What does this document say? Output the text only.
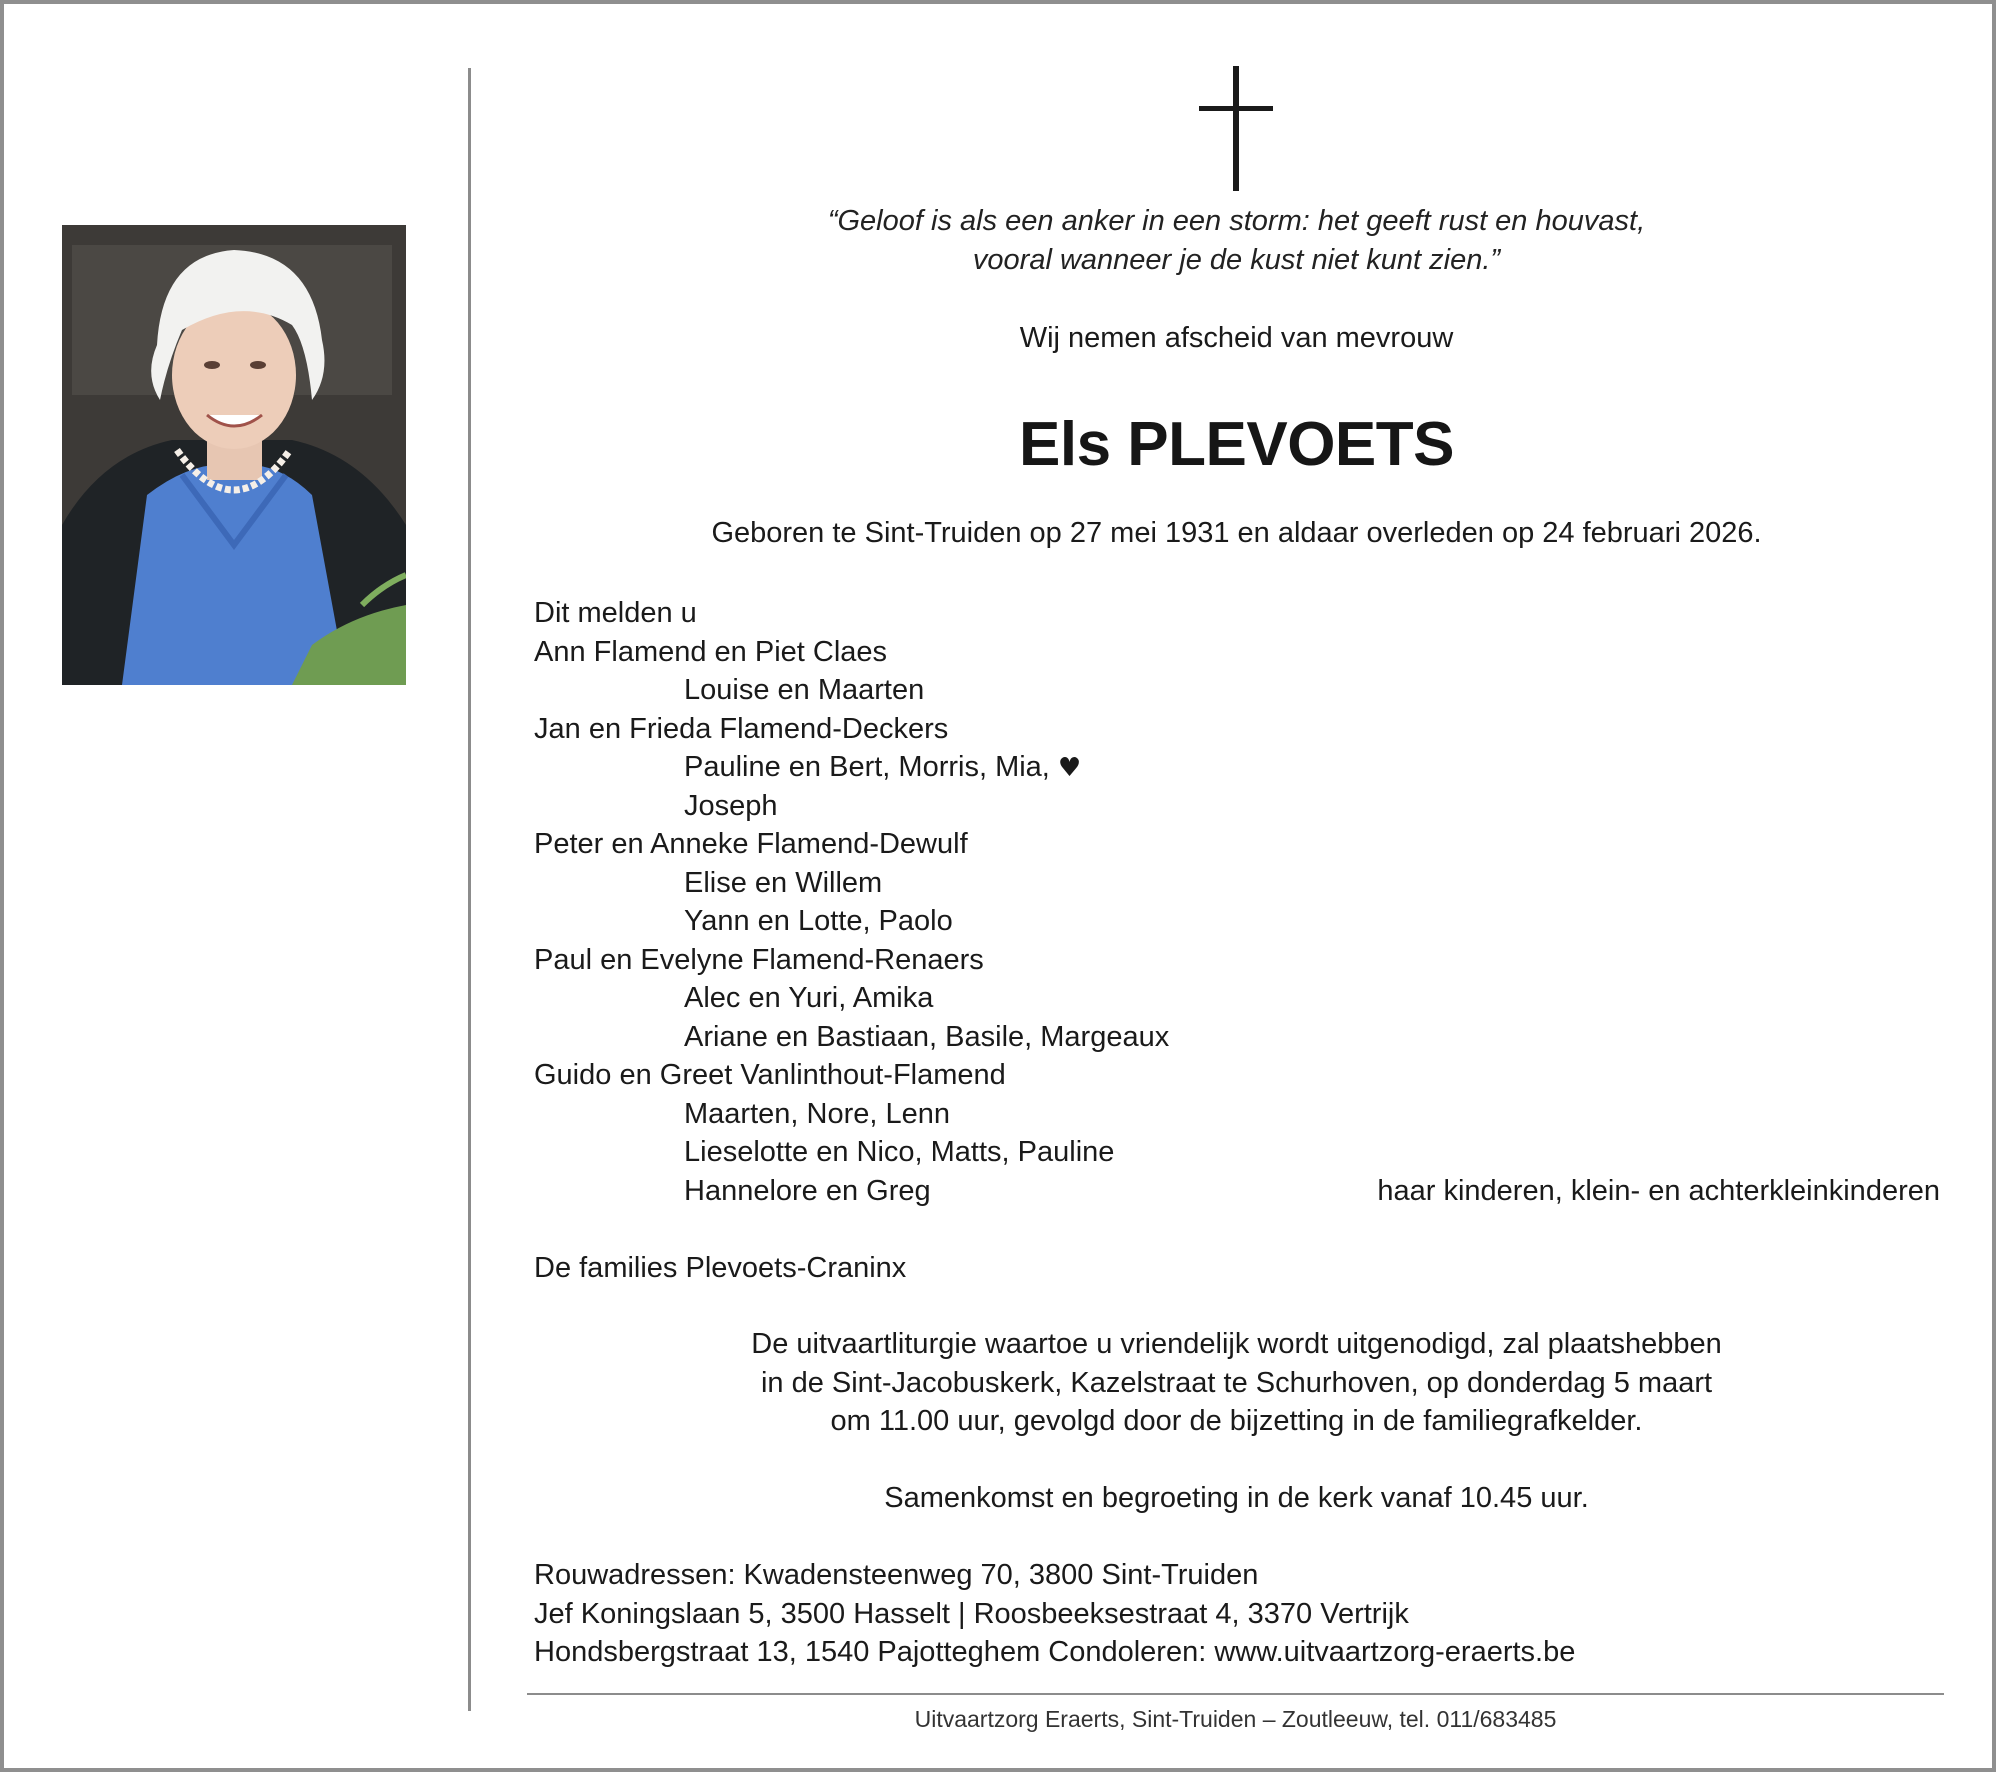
“Geloof is als een anker in een storm: het geeft rust en houvast,
vooral wanneer je de kust niet kunt zien.”
Wij nemen afscheid van mevrouw
Els PLEVOETS
Geboren te Sint-Truiden op 27 mei 1931 en aldaar overleden op 24 februari 2026.
Dit melden u
Ann Flamend en Piet Claes
Louise en Maarten
Jan en Frieda Flamend-Deckers
Pauline en Bert, Morris, Mia, ♥
Joseph
Peter en Anneke Flamend-Dewulf
Elise en Willem
Yann en Lotte, Paolo
Paul en Evelyne Flamend-Renaers
Alec en Yuri, Amika
Ariane en Bastiaan, Basile, Margeaux
Guido en Greet Vanlinthout-Flamend
Maarten, Nore, Lenn
Lieselotte en Nico, Matts, Pauline
Hannelore en Greg	haar kinderen, klein- en achterkleinkinderen
De families Plevoets-Craninx
De uitvaartliturgie waartoe u vriendelijk wordt uitgenodigd, zal plaatshebben
in de Sint-Jacobuskerk, Kazelstraat te Schurhoven, op donderdag 5 maart
om 11.00 uur, gevolgd door de bijzetting in de familiegrafkelder.
Samenkomst en begroeting in de kerk vanaf 10.45 uur.
Rouwadressen: Kwadensteenweg 70, 3800 Sint-Truiden
Jef Koningslaan 5, 3500 Hasselt | Roosbeeksestraat 4, 3370 Vertrijk
Hondsbergstraat 13, 1540 Pajotteghem Condoleren: www.uitvaartzorg-eraerts.be
Uitvaartzorg Eraerts, Sint-Truiden – Zoutleeuw, tel. 011/683485
